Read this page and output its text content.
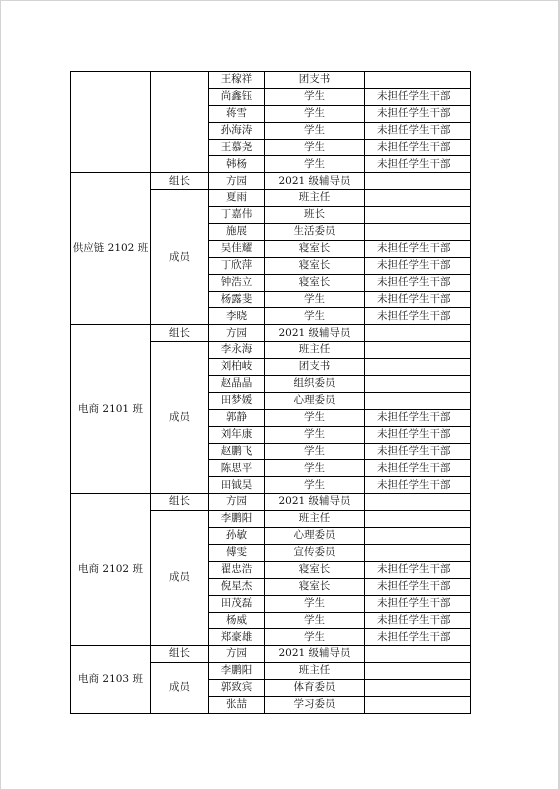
		王稼祥	团支书	
		尚鑫钰	学生	未担任学生干部
		蒋雪	学生	未担任学生干部
		孙海涛	学生	未担任学生干部
		王慕尧	学生	未担任学生干部
		韩杨	学生	未担任学生干部
供应链 2102 班	组长	方园	2021 级辅导员	
	成员	夏雨	班主任	
		丁嘉伟	班长	
		施展	生活委员	
		吴佳耀	寝室长	未担任学生干部
		丁欣萍	寝室长	未担任学生干部
		钟浩立	寝室长	未担任学生干部
		杨露斐	学生	未担任学生干部
		李晓	学生	未担任学生干部
电商 2101 班	组长	方园	2021 级辅导员	
	成员	李永海	班主任	
		刘柏岐	团支书	
		赵晶晶	组织委员	
		田梦媛	心理委员	
		郭静	学生	未担任学生干部
		刘年康	学生	未担任学生干部
		赵鹏飞	学生	未担任学生干部
		陈思平	学生	未担任学生干部
		田钺昊	学生	未担任学生干部
电商 2102 班	组长	方园	2021 级辅导员	
	成员	李鹏阳	班主任	
		孙敏	心理委员	
		傅雯	宣传委员	
		翟忠浩	寝室长	未担任学生干部
		倪星杰	寝室长	未担任学生干部
		田茂磊	学生	未担任学生干部
		杨威	学生	未担任学生干部
		郑豪雄	学生	未担任学生干部
电商 2103 班	组长	方园	2021 级辅导员	
	成员	李鹏阳	班主任	
		郭致宾	体育委员	
		张喆	学习委员	
